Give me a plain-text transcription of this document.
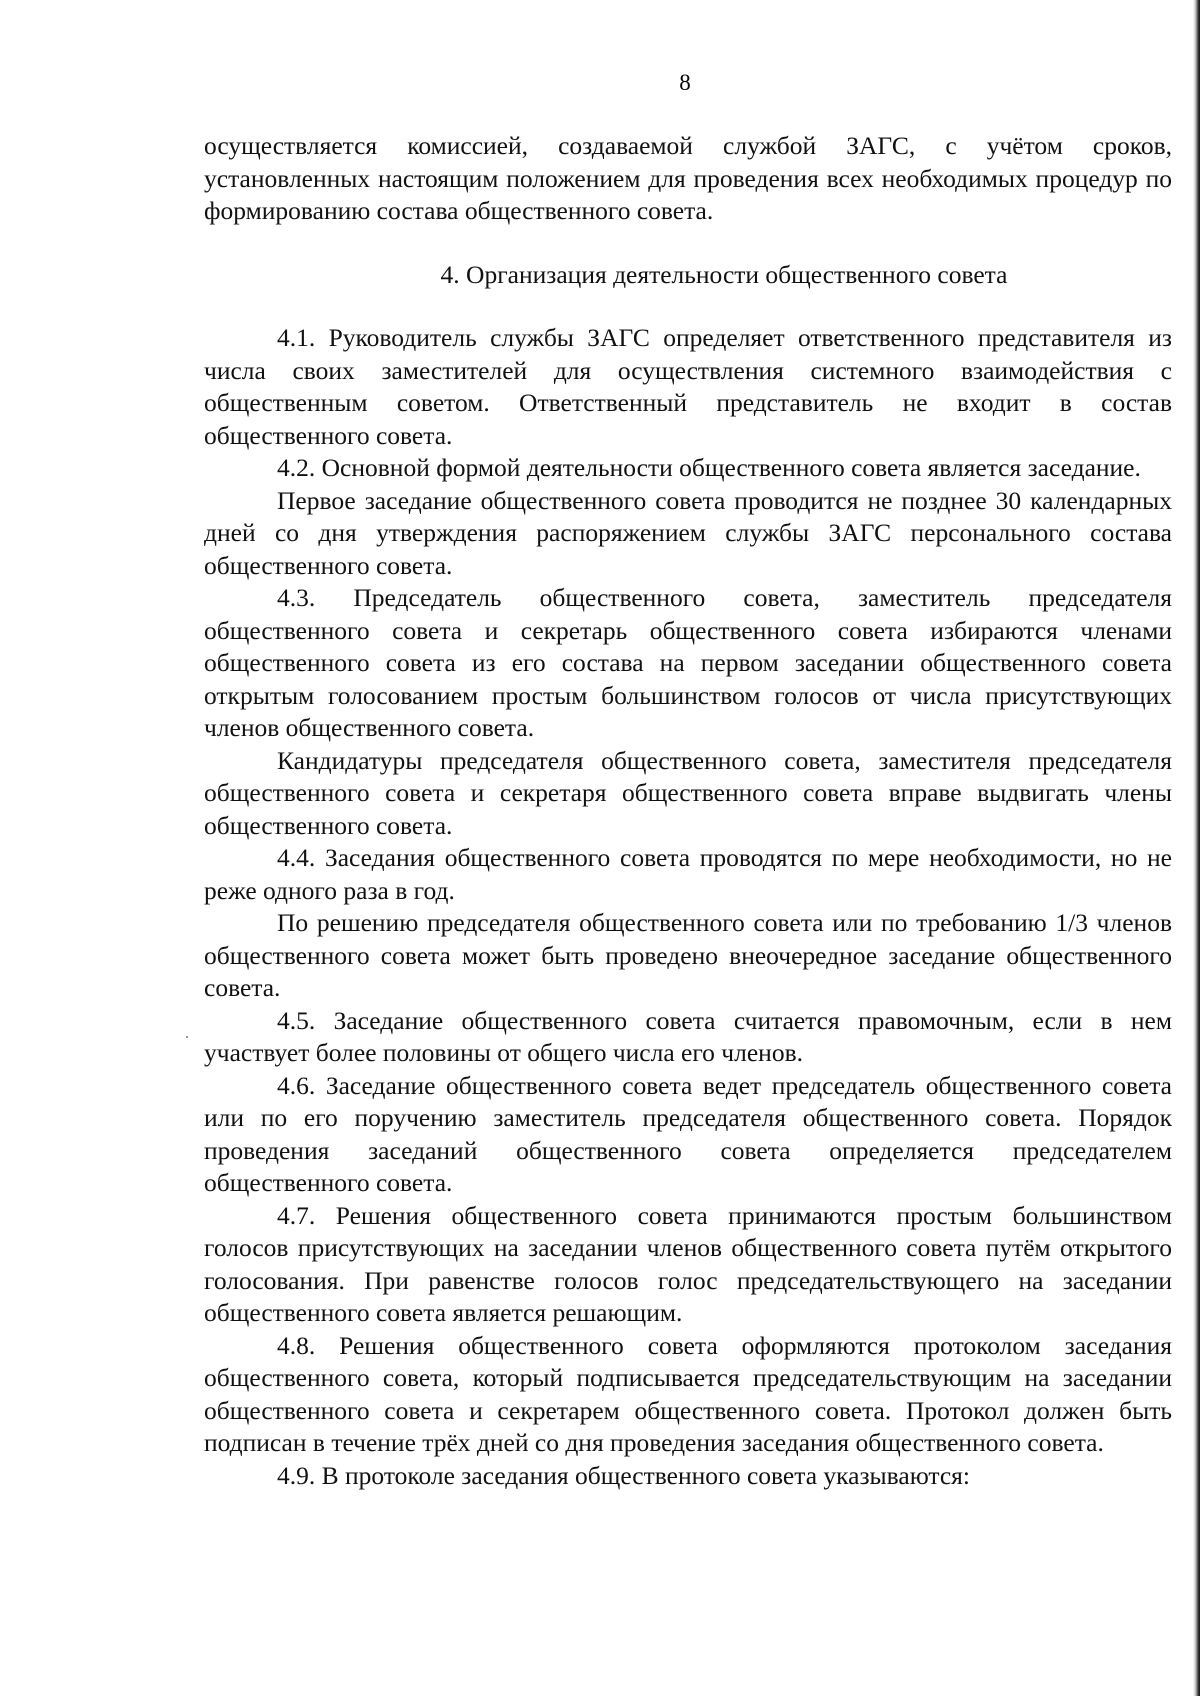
8

осуществляется комиссией, создаваемой службой ЗАГС, с учётом сроков, установленных настоящим положением для проведения всех необходимых процедур по формированию состава общественного совета.

4. Организация деятельности общественного совета

4.1. Руководитель службы ЗАГС определяет ответственного представителя из числа своих заместителей для осуществления системного взаимодействия с общественным советом. Ответственный представитель не входит в состав общественного совета.

4.2. Основной формой деятельности общественного совета является заседание.

Первое заседание общественного совета проводится не позднее 30 календарных дней со дня утверждения распоряжением службы ЗАГС персонального состава общественного совета.

4.3. Председатель общественного совета, заместитель председателя общественного совета и секретарь общественного совета избираются членами общественного совета из его состава на первом заседании общественного совета открытым голосованием простым большинством голосов от числа присутствующих членов общественного совета.

Кандидатуры председателя общественного совета, заместителя председателя общественного совета и секретаря общественного совета вправе выдвигать члены общественного совета.

4.4. Заседания общественного совета проводятся по мере необходимости, но не реже одного раза в год.

По решению председателя общественного совета или по требованию 1/3 членов общественного совета может быть проведено внеочередное заседание общественного совета.

4.5. Заседание общественного совета считается правомочным, если в нем участвует более половины от общего числа его членов.

4.6. Заседание общественного совета ведет председатель общественного совета или по его поручению заместитель председателя общественного совета. Порядок проведения заседаний общественного совета определяется председателем общественного совета.

4.7. Решения общественного совета принимаются простым большинством голосов присутствующих на заседании членов общественного совета путём открытого голосования. При равенстве голосов голос председательствующего на заседании общественного совета является решающим.

4.8. Решения общественного совета оформляются протоколом заседания общественного совета, который подписывается председательствующим на заседании общественного совета и секретарем общественного совета. Протокол должен быть подписан в течение трёх дней со дня проведения заседания общественного совета.

4.9. В протоколе заседания общественного совета указываются:
